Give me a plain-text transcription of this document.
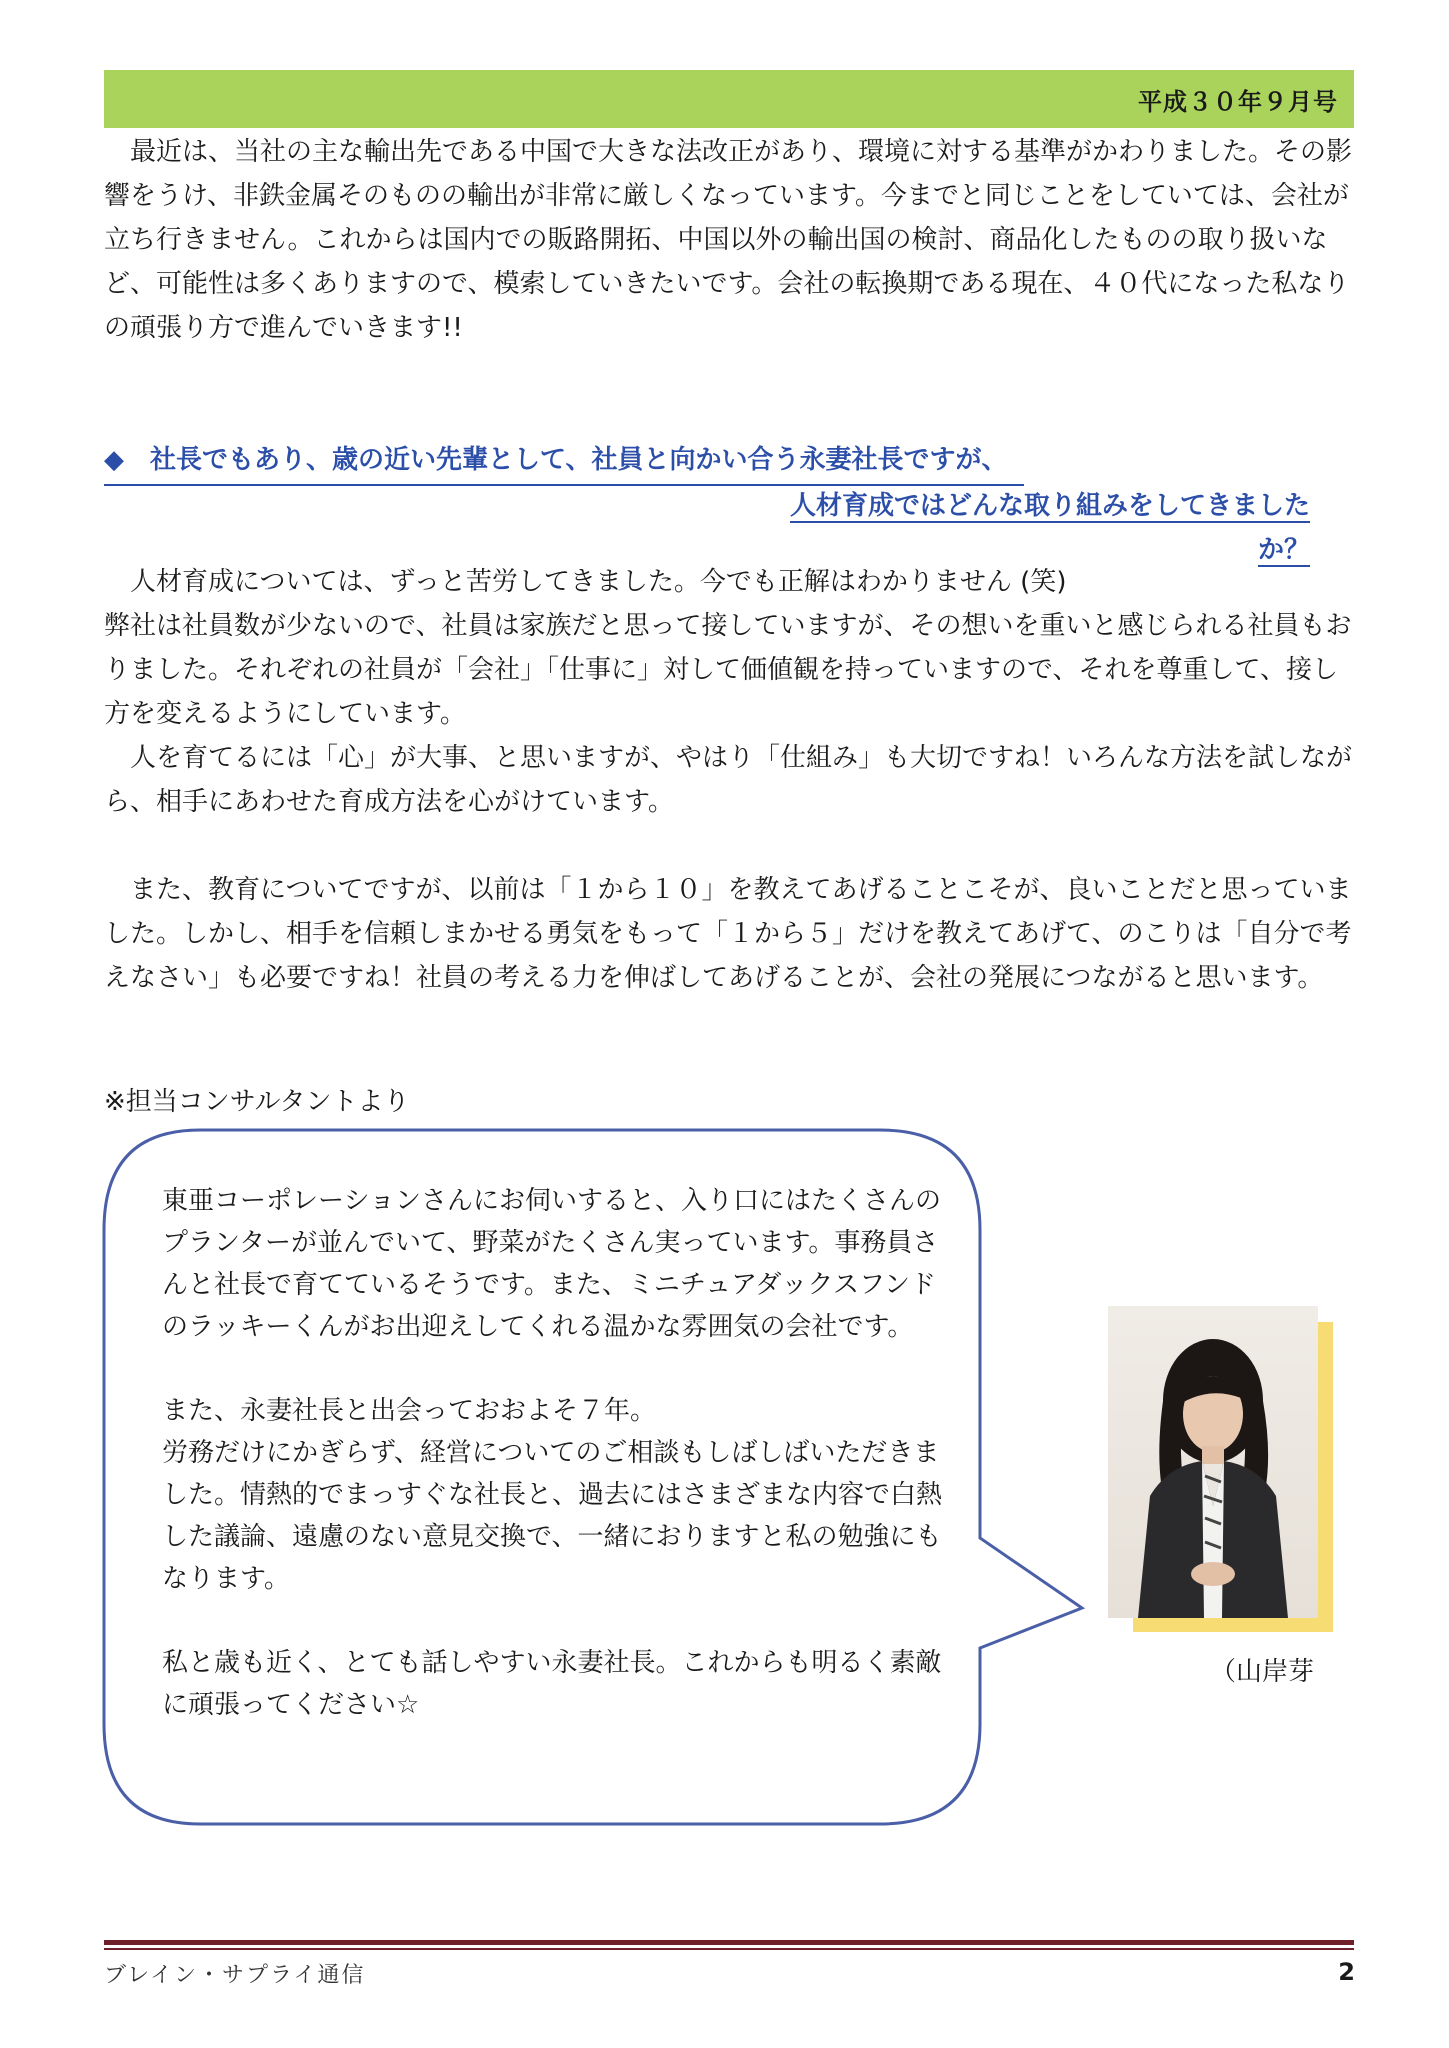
平成３０年９月号

　最近は、当社の主な輸出先である中国で大きな法改正があり、環境に対する基準がかわりました。その影響をうけ、非鉄金属そのものの輸出が非常に厳しくなっています。今までと同じことをしていては、会社が立ち行きません。これからは国内での販路開拓、中国以外の輸出国の検討、商品化したものの取り扱いなど、可能性は多くありますので、模索していきたいです。会社の転換期である現在、４０代になった私なりの頑張り方で進んでいきます!!

◆ 社長でもあり、歳の近い先輩として、社員と向かい合う永妻社長ですが、
人材育成ではどんな取り組みをしてきましたか？

　人材育成については、ずっと苦労してきました。今でも正解はわかりません (笑)
弊社は社員数が少ないので、社員は家族だと思って接していますが、その想いを重いと感じられる社員もおりました。それぞれの社員が「会社」「仕事に」対して価値観を持っていますので、それを尊重して、接し方を変えるようにしています。
　人を育てるには「心」が大事、と思いますが、やはり「仕組み」も大切ですね！いろんな方法を試しながら、相手にあわせた育成方法を心がけています。

　また、教育についてですが、以前は「１から１０」を教えてあげることこそが、良いことだと思っていました。しかし、相手を信頼しまかせる勇気をもって「１から５」だけを教えてあげて、のこりは「自分で考えなさい」も必要ですね！社員の考える力を伸ばしてあげることが、会社の発展につながると思います。

※担当コンサルタントより

東亜コーポレーションさんにお伺いすると、入り口にはたくさんのプランターが並んでいて、野菜がたくさん実っています。事務員さんと社長で育てているそうです。また、ミニチュアダックスフンドのラッキーくんがお出迎えしてくれる温かな雰囲気の会社です。

また、永妻社長と出会っておおよそ７年。
労務だけにかぎらず、経営についてのご相談もしばしばいただきました。情熱的でまっすぐな社長と、過去にはさまざまな内容で白熱した議論、遠慮のない意見交換で、一緒におりますと私の勉強にもなります。

私と歳も近く、とても話しやすい永妻社長。これからも明るく素敵に頑張ってください☆

（山岸芽
ブレイン・サプライ通信	2
